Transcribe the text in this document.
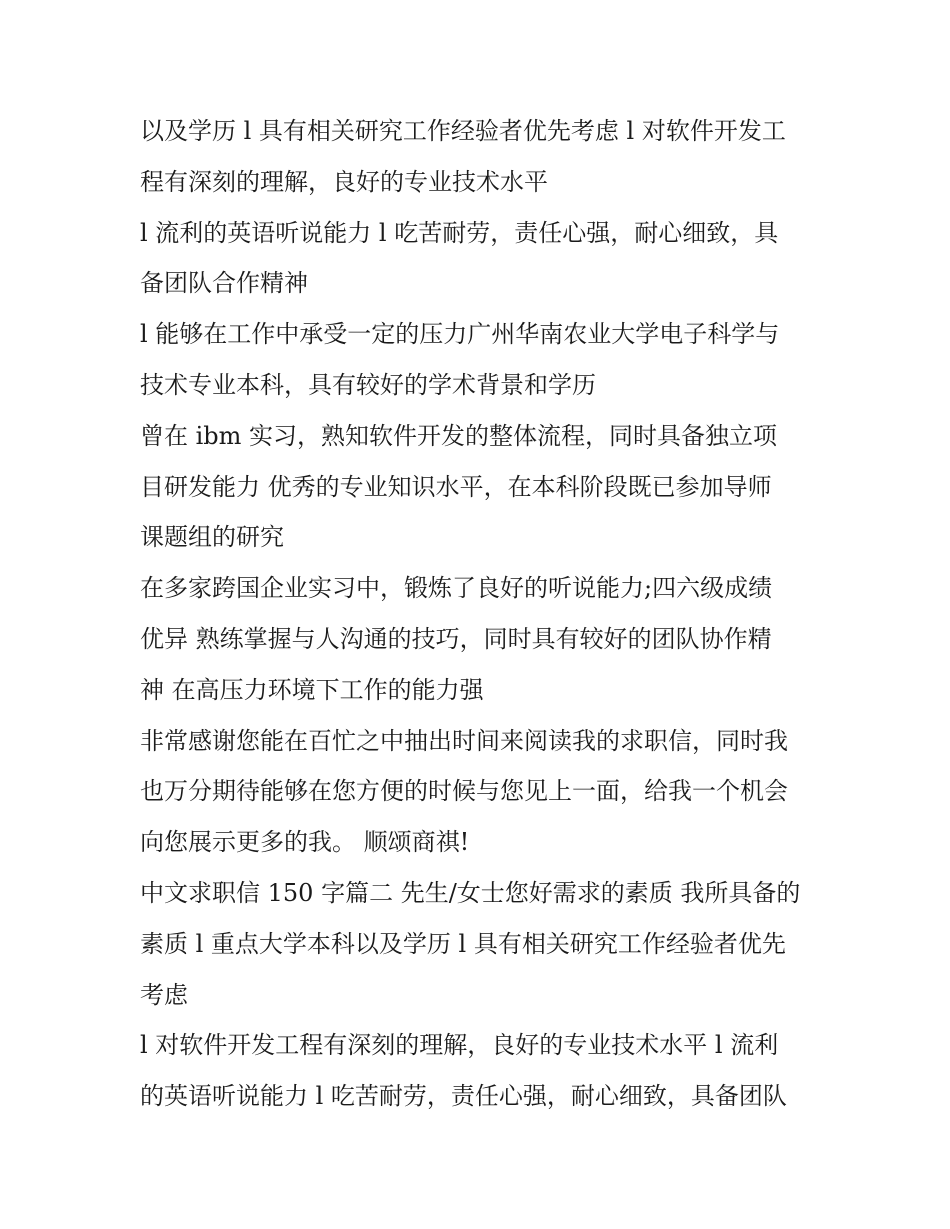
以及学历 l 具有相关研究工作经验者优先考虑 l 对软件开发工
程有深刻的理解，良好的专业技术水平
l 流利的英语听说能力 l 吃苦耐劳，责任心强，耐心细致，具
备团队合作精神
l 能够在工作中承受一定的压力广州华南农业大学电子科学与
技术专业本科，具有较好的学术背景和学历
曾在 ibm 实习，熟知软件开发的整体流程，同时具备独立项
目研发能力 优秀的专业知识水平，在本科阶段既已参加导师
课题组的研究
在多家跨国企业实习中，锻炼了良好的听说能力;四六级成绩
优异 熟练掌握与人沟通的技巧，同时具有较好的团队协作精
神 在高压力环境下工作的能力强
非常感谢您能在百忙之中抽出时间来阅读我的求职信，同时我
也万分期待能够在您方便的时候与您见上一面，给我一个机会
向您展示更多的我。 顺颂商祺!
中文求职信 150 字篇二 先生/女士您好需求的素质 我所具备的
素质 l 重点大学本科以及学历 l 具有相关研究工作经验者优先
考虑
l 对软件开发工程有深刻的理解，良好的专业技术水平 l 流利
的英语听说能力 l 吃苦耐劳，责任心强，耐心细致，具备团队
